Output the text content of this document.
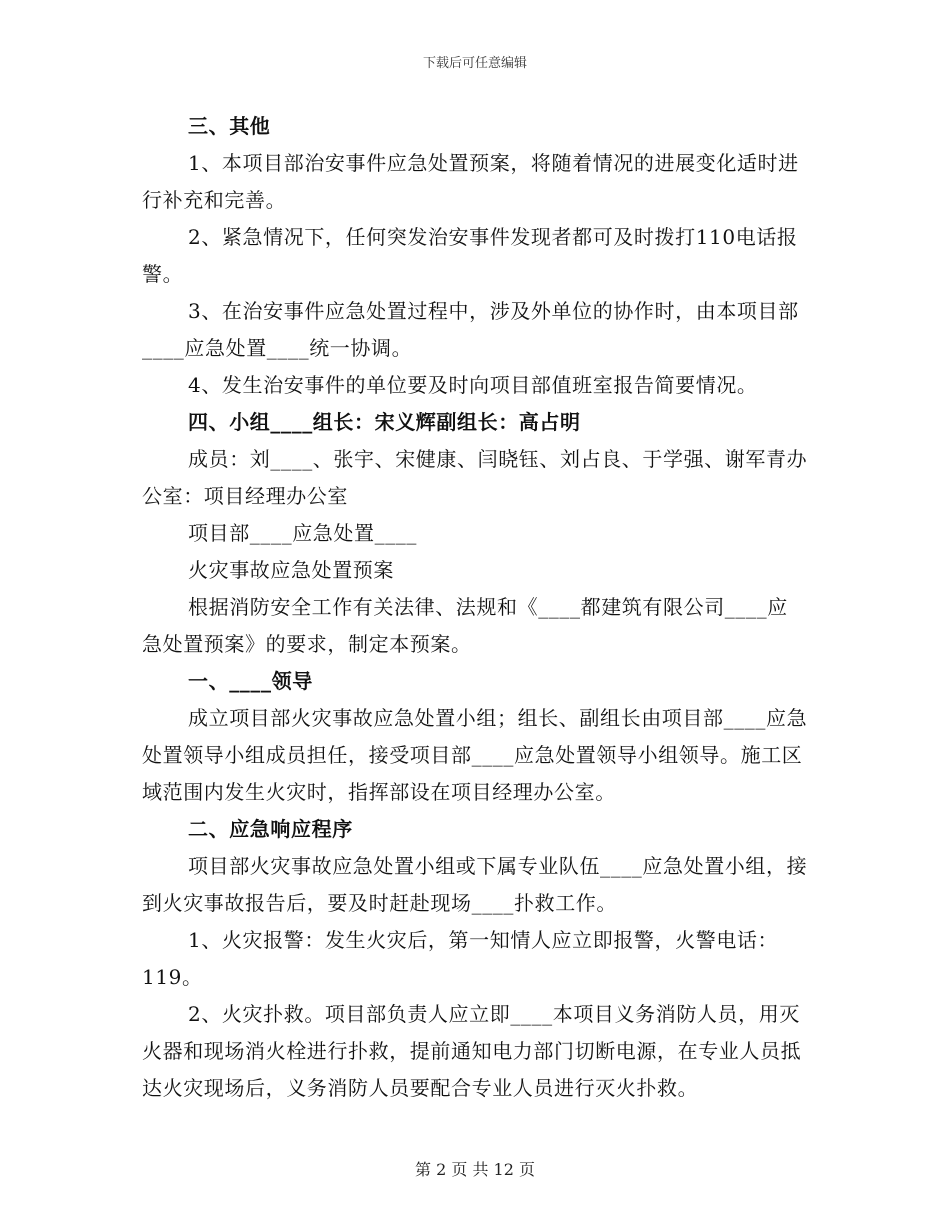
下载后可任意编辑

三、其他

1、本项目部治安事件应急处置预案，将随着情况的进展变化适时进行补充和完善。

2、紧急情况下，任何突发治安事件发现者都可及时拨打110电话报警。

3、在治安事件应急处置过程中，涉及外单位的协作时，由本项目部____应急处置____统一协调。

4、发生治安事件的单位要及时向项目部值班室报告简要情况。

四、小组____组长：宋义辉副组长：高占明

成员：刘____、张宇、宋健康、闫晓钰、刘占良、于学强、谢军青办公室：项目经理办公室

项目部____应急处置____

火灾事故应急处置预案

根据消防安全工作有关法律、法规和《____都建筑有限公司____应急处置预案》的要求，制定本预案。

一、____领导

成立项目部火灾事故应急处置小组；组长、副组长由项目部____应急处置领导小组成员担任，接受项目部____应急处置领导小组领导。施工区域范围内发生火灾时，指挥部设在项目经理办公室。

二、应急响应程序

项目部火灾事故应急处置小组或下属专业队伍____应急处置小组，接到火灾事故报告后，要及时赶赴现场____扑救工作。

1、火灾报警：发生火灾后，第一知情人应立即报警，火警电话：119。

2、火灾扑救。项目部负责人应立即____本项目义务消防人员，用灭火器和现场消火栓进行扑救，提前通知电力部门切断电源，在专业人员抵达火灾现场后，义务消防人员要配合专业人员进行灭火扑救。

第 2 页 共 12 页
